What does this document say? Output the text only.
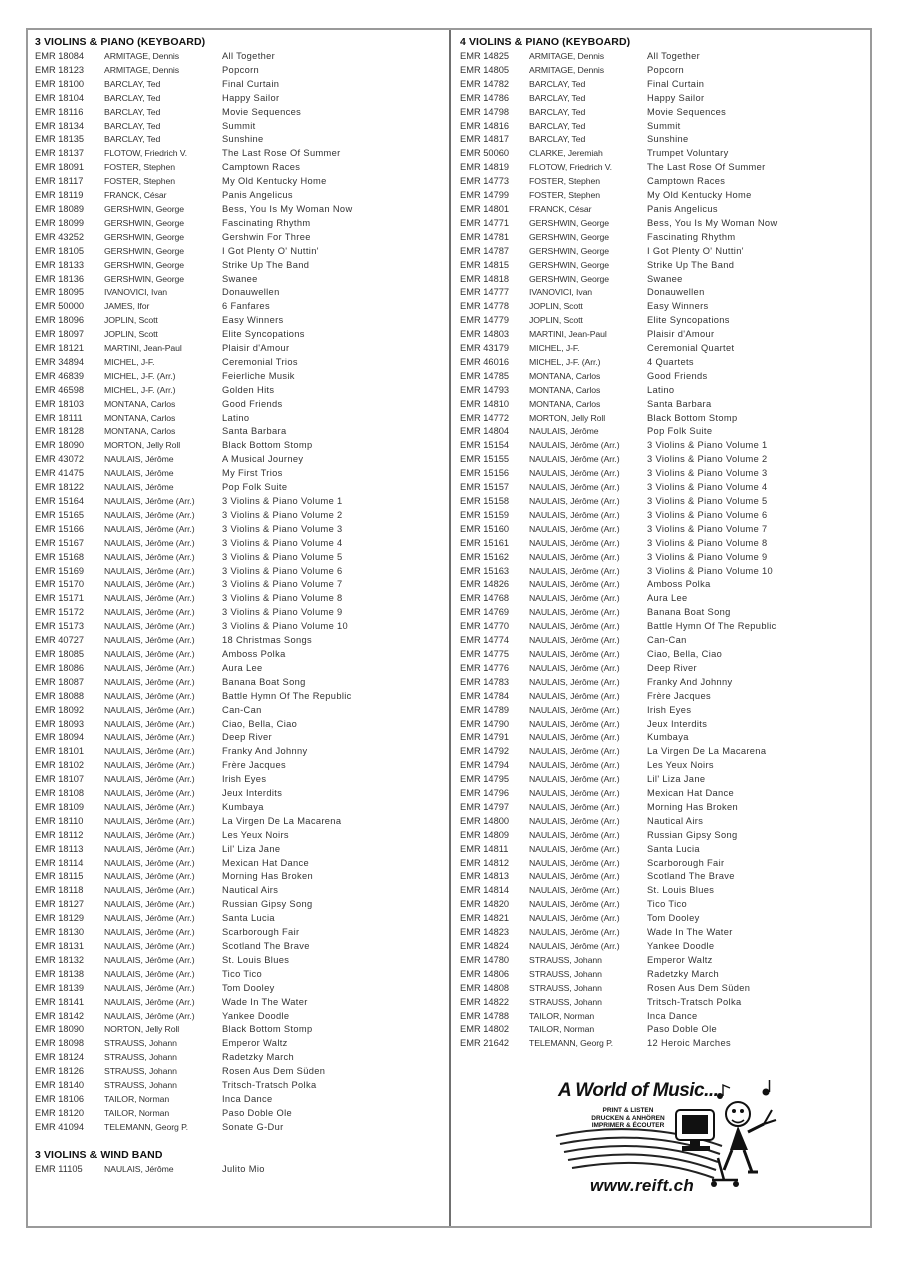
3 VIOLINS & PIANO (KEYBOARD)
EMR 18084 ARMITAGE, Dennis	All Together
EMR 18123 ARMITAGE, Dennis	Popcorn
EMR 18100 BARCLAY, Ted	Final Curtain
EMR 18104 BARCLAY, Ted	Happy Sailor
EMR 18116 BARCLAY, Ted	Movie Sequences
EMR 18134 BARCLAY, Ted	Summit
EMR 18135 BARCLAY, Ted	Sunshine
EMR 18137 FLOTOW, Friedrich V.	The Last Rose Of Summer
EMR 18091 FOSTER, Stephen	Camptown Races
EMR 18117 FOSTER, Stephen	My Old Kentucky Home
EMR 18119 FRANCK, César	Panis Angelicus
EMR 18089 GERSHWIN, George	Bess, You Is My Woman Now
EMR 18099 GERSHWIN, George	Fascinating Rhythm
EMR 43252 GERSHWIN, George	Gershwin For Three
EMR 18105 GERSHWIN, George	I Got Plenty O' Nuttin'
EMR 18133 GERSHWIN, George	Strike Up The Band
EMR 18136 GERSHWIN, George	Swanee
EMR 18095 IVANOVICI, Ivan	Donauwellen
EMR 50000 JAMES, Ifor	6 Fanfares
EMR 18096 JOPLIN, Scott	Easy Winners
EMR 18097 JOPLIN, Scott	Elite Syncopations
EMR 18121 MARTINI, Jean-Paul	Plaisir d'Amour
EMR 34894 MICHEL, J-F.	Ceremonial Trios
EMR 46839 MICHEL, J-F. (Arr.)	Feierliche Musik
EMR 46598 MICHEL, J-F. (Arr.)	Golden Hits
EMR 18103 MONTANA, Carlos	Good Friends
EMR 18111 MONTANA, Carlos	Latino
EMR 18128 MONTANA, Carlos	Santa Barbara
EMR 18090 MORTON, Jelly Roll	Black Bottom Stomp
EMR 43072 NAULAIS, Jérôme	A Musical Journey
EMR 41475 NAULAIS, Jérôme	My First Trios
EMR 18122 NAULAIS, Jérôme	Pop Folk Suite
EMR 15164 NAULAIS, Jérôme (Arr.)	3 Violins & Piano Volume 1
EMR 15165 NAULAIS, Jérôme (Arr.)	3 Violins & Piano Volume 2
EMR 15166 NAULAIS, Jérôme (Arr.)	3 Violins & Piano Volume 3
EMR 15167 NAULAIS, Jérôme (Arr.)	3 Violins & Piano Volume 4
EMR 15168 NAULAIS, Jérôme (Arr.)	3 Violins & Piano Volume 5
EMR 15169 NAULAIS, Jérôme (Arr.)	3 Violins & Piano Volume 6
EMR 15170 NAULAIS, Jérôme (Arr.)	3 Violins & Piano Volume 7
EMR 15171 NAULAIS, Jérôme (Arr.)	3 Violins & Piano Volume 8
EMR 15172 NAULAIS, Jérôme (Arr.)	3 Violins & Piano Volume 9
EMR 15173 NAULAIS, Jérôme (Arr.)	3 Violins & Piano Volume 10
EMR 40727 NAULAIS, Jérôme (Arr.)	18 Christmas Songs
EMR 18085 NAULAIS, Jérôme (Arr.)	Amboss Polka
EMR 18086 NAULAIS, Jérôme (Arr.)	Aura Lee
EMR 18087 NAULAIS, Jérôme (Arr.)	Banana Boat Song
EMR 18088 NAULAIS, Jérôme (Arr.)	Battle Hymn Of The Republic
EMR 18092 NAULAIS, Jérôme (Arr.)	Can-Can
EMR 18093 NAULAIS, Jérôme (Arr.)	Ciao, Bella, Ciao
EMR 18094 NAULAIS, Jérôme (Arr.)	Deep River
EMR 18101 NAULAIS, Jérôme (Arr.)	Franky And Johnny
EMR 18102 NAULAIS, Jérôme (Arr.)	Frère Jacques
EMR 18107 NAULAIS, Jérôme (Arr.)	Irish Eyes
EMR 18108 NAULAIS, Jérôme (Arr.)	Jeux Interdits
EMR 18109 NAULAIS, Jérôme (Arr.)	Kumbaya
EMR 18110 NAULAIS, Jérôme (Arr.)	La Virgen De La Macarena
EMR 18112 NAULAIS, Jérôme (Arr.)	Les Yeux Noirs
EMR 18113 NAULAIS, Jérôme (Arr.)	Lil' Liza Jane
EMR 18114 NAULAIS, Jérôme (Arr.)	Mexican Hat Dance
EMR 18115 NAULAIS, Jérôme (Arr.)	Morning Has Broken
EMR 18118 NAULAIS, Jérôme (Arr.)	Nautical Airs
EMR 18127 NAULAIS, Jérôme (Arr.)	Russian Gipsy Song
EMR 18129 NAULAIS, Jérôme (Arr.)	Santa Lucia
EMR 18130 NAULAIS, Jérôme (Arr.)	Scarborough Fair
EMR 18131 NAULAIS, Jérôme (Arr.)	Scotland The Brave
EMR 18132 NAULAIS, Jérôme (Arr.)	St. Louis Blues
EMR 18138 NAULAIS, Jérôme (Arr.)	Tico Tico
EMR 18139 NAULAIS, Jérôme (Arr.)	Tom Dooley
EMR 18141 NAULAIS, Jérôme (Arr.)	Wade In The Water
EMR 18142 NAULAIS, Jérôme (Arr.)	Yankee Doodle
EMR 18090 NORTON, Jelly Roll	Black Bottom Stomp
EMR 18098 STRAUSS, Johann	Emperor Waltz
EMR 18124 STRAUSS, Johann	Radetzky March
EMR 18126 STRAUSS, Johann	Rosen Aus Dem Süden
EMR 18140 STRAUSS, Johann	Tritsch-Tratsch Polka
EMR 18106 TAILOR, Norman	Inca Dance
EMR 18120 TAILOR, Norman	Paso Doble Ole
EMR 41094 TELEMANN, Georg P.	Sonate G-Dur
3 VIOLINS & WIND BAND
EMR 11105 NAULAIS, Jérôme	Julito Mio
4 VIOLINS & PIANO (KEYBOARD)
EMR 14825 ARMITAGE, Dennis	All Together
EMR 14805 ARMITAGE, Dennis	Popcorn
EMR 14782 BARCLAY, Ted	Final Curtain
EMR 14786 BARCLAY, Ted	Happy Sailor
EMR 14798 BARCLAY, Ted	Movie Sequences
EMR 14816 BARCLAY, Ted	Summit
EMR 14817 BARCLAY, Ted	Sunshine
EMR 50060 CLARKE, Jeremiah	Trumpet Voluntary
EMR 14819 FLOTOW, Friedrich V.	The Last Rose Of Summer
EMR 14773 FOSTER, Stephen	Camptown Races
EMR 14799 FOSTER, Stephen	My Old Kentucky Home
EMR 14801 FRANCK, César	Panis Angelicus
EMR 14771 GERSHWIN, George	Bess, You Is My Woman Now
EMR 14781 GERSHWIN, George	Fascinating Rhythm
EMR 14787 GERSHWIN, George	I Got Plenty O' Nuttin'
EMR 14815 GERSHWIN, George	Strike Up The Band
EMR 14818 GERSHWIN, George	Swanee
EMR 14777 IVANOVICI, Ivan	Donauwellen
EMR 14778 JOPLIN, Scott	Easy Winners
EMR 14779 JOPLIN, Scott	Elite Syncopations
EMR 14803 MARTINI, Jean-Paul	Plaisir d'Amour
EMR 43179 MICHEL, J-F.	Ceremonial Quartet
EMR 46016 MICHEL, J-F. (Arr.)	4 Quartets
EMR 14785 MONTANA, Carlos	Good Friends
EMR 14793 MONTANA, Carlos	Latino
EMR 14810 MONTANA, Carlos	Santa Barbara
EMR 14772 MORTON, Jelly Roll	Black Bottom Stomp
EMR 14804 NAULAIS, Jérôme	Pop Folk Suite
EMR 15154 NAULAIS, Jérôme (Arr.)	3 Violins & Piano Volume 1
EMR 15155 NAULAIS, Jérôme (Arr.)	3 Violins & Piano Volume 2
EMR 15156 NAULAIS, Jérôme (Arr.)	3 Violins & Piano Volume 3
EMR 15157 NAULAIS, Jérôme (Arr.)	3 Violins & Piano Volume 4
EMR 15158 NAULAIS, Jérôme (Arr.)	3 Violins & Piano Volume 5
EMR 15159 NAULAIS, Jérôme (Arr.)	3 Violins & Piano Volume 6
EMR 15160 NAULAIS, Jérôme (Arr.)	3 Violins & Piano Volume 7
EMR 15161 NAULAIS, Jérôme (Arr.)	3 Violins & Piano Volume 8
EMR 15162 NAULAIS, Jérôme (Arr.)	3 Violins & Piano Volume 9
EMR 15163 NAULAIS, Jérôme (Arr.)	3 Violins & Piano Volume 10
EMR 14826 NAULAIS, Jérôme (Arr.)	Amboss Polka
EMR 14768 NAULAIS, Jérôme (Arr.)	Aura Lee
EMR 14769 NAULAIS, Jérôme (Arr.)	Banana Boat Song
EMR 14770 NAULAIS, Jérôme (Arr.)	Battle Hymn Of The Republic
EMR 14774 NAULAIS, Jérôme (Arr.)	Can-Can
EMR 14775 NAULAIS, Jérôme (Arr.)	Ciao, Bella, Ciao
EMR 14776 NAULAIS, Jérôme (Arr.)	Deep River
EMR 14783 NAULAIS, Jérôme (Arr.)	Franky And Johnny
EMR 14784 NAULAIS, Jérôme (Arr.)	Frère Jacques
EMR 14789 NAULAIS, Jérôme (Arr.)	Irish Eyes
EMR 14790 NAULAIS, Jérôme (Arr.)	Jeux Interdits
EMR 14791 NAULAIS, Jérôme (Arr.)	Kumbaya
EMR 14792 NAULAIS, Jérôme (Arr.)	La Virgen De La Macarena
EMR 14794 NAULAIS, Jérôme (Arr.)	Les Yeux Noirs
EMR 14795 NAULAIS, Jérôme (Arr.)	Lil' Liza Jane
EMR 14796 NAULAIS, Jérôme (Arr.)	Mexican Hat Dance
EMR 14797 NAULAIS, Jérôme (Arr.)	Morning Has Broken
EMR 14800 NAULAIS, Jérôme (Arr.)	Nautical Airs
EMR 14809 NAULAIS, Jérôme (Arr.)	Russian Gipsy Song
EMR 14811 NAULAIS, Jérôme (Arr.)	Santa Lucia
EMR 14812 NAULAIS, Jérôme (Arr.)	Scarborough Fair
EMR 14813 NAULAIS, Jérôme (Arr.)	Scotland The Brave
EMR 14814 NAULAIS, Jérôme (Arr.)	St. Louis Blues
EMR 14820 NAULAIS, Jérôme (Arr.)	Tico Tico
EMR 14821 NAULAIS, Jérôme (Arr.)	Tom Dooley
EMR 14823 NAULAIS, Jérôme (Arr.)	Wade In The Water
EMR 14824 NAULAIS, Jérôme (Arr.)	Yankee Doodle
EMR 14780 STRAUSS, Johann	Emperor Waltz
EMR 14806 STRAUSS, Johann	Radetzky March
EMR 14808 STRAUSS, Johann	Rosen Aus Dem Süden
EMR 14822 STRAUSS, Johann	Tritsch-Tratsch Polka
EMR 14788 TAILOR, Norman	Inca Dance
EMR 14802 TAILOR, Norman	Paso Doble Ole
EMR 21642 TELEMANN, Georg P.	12 Heroic Marches
A World of Music...
PRINT & LISTEN
DRUCKEN & ANHÖREN
IMPRIMER & ÉCOUTER
www.reift.ch
